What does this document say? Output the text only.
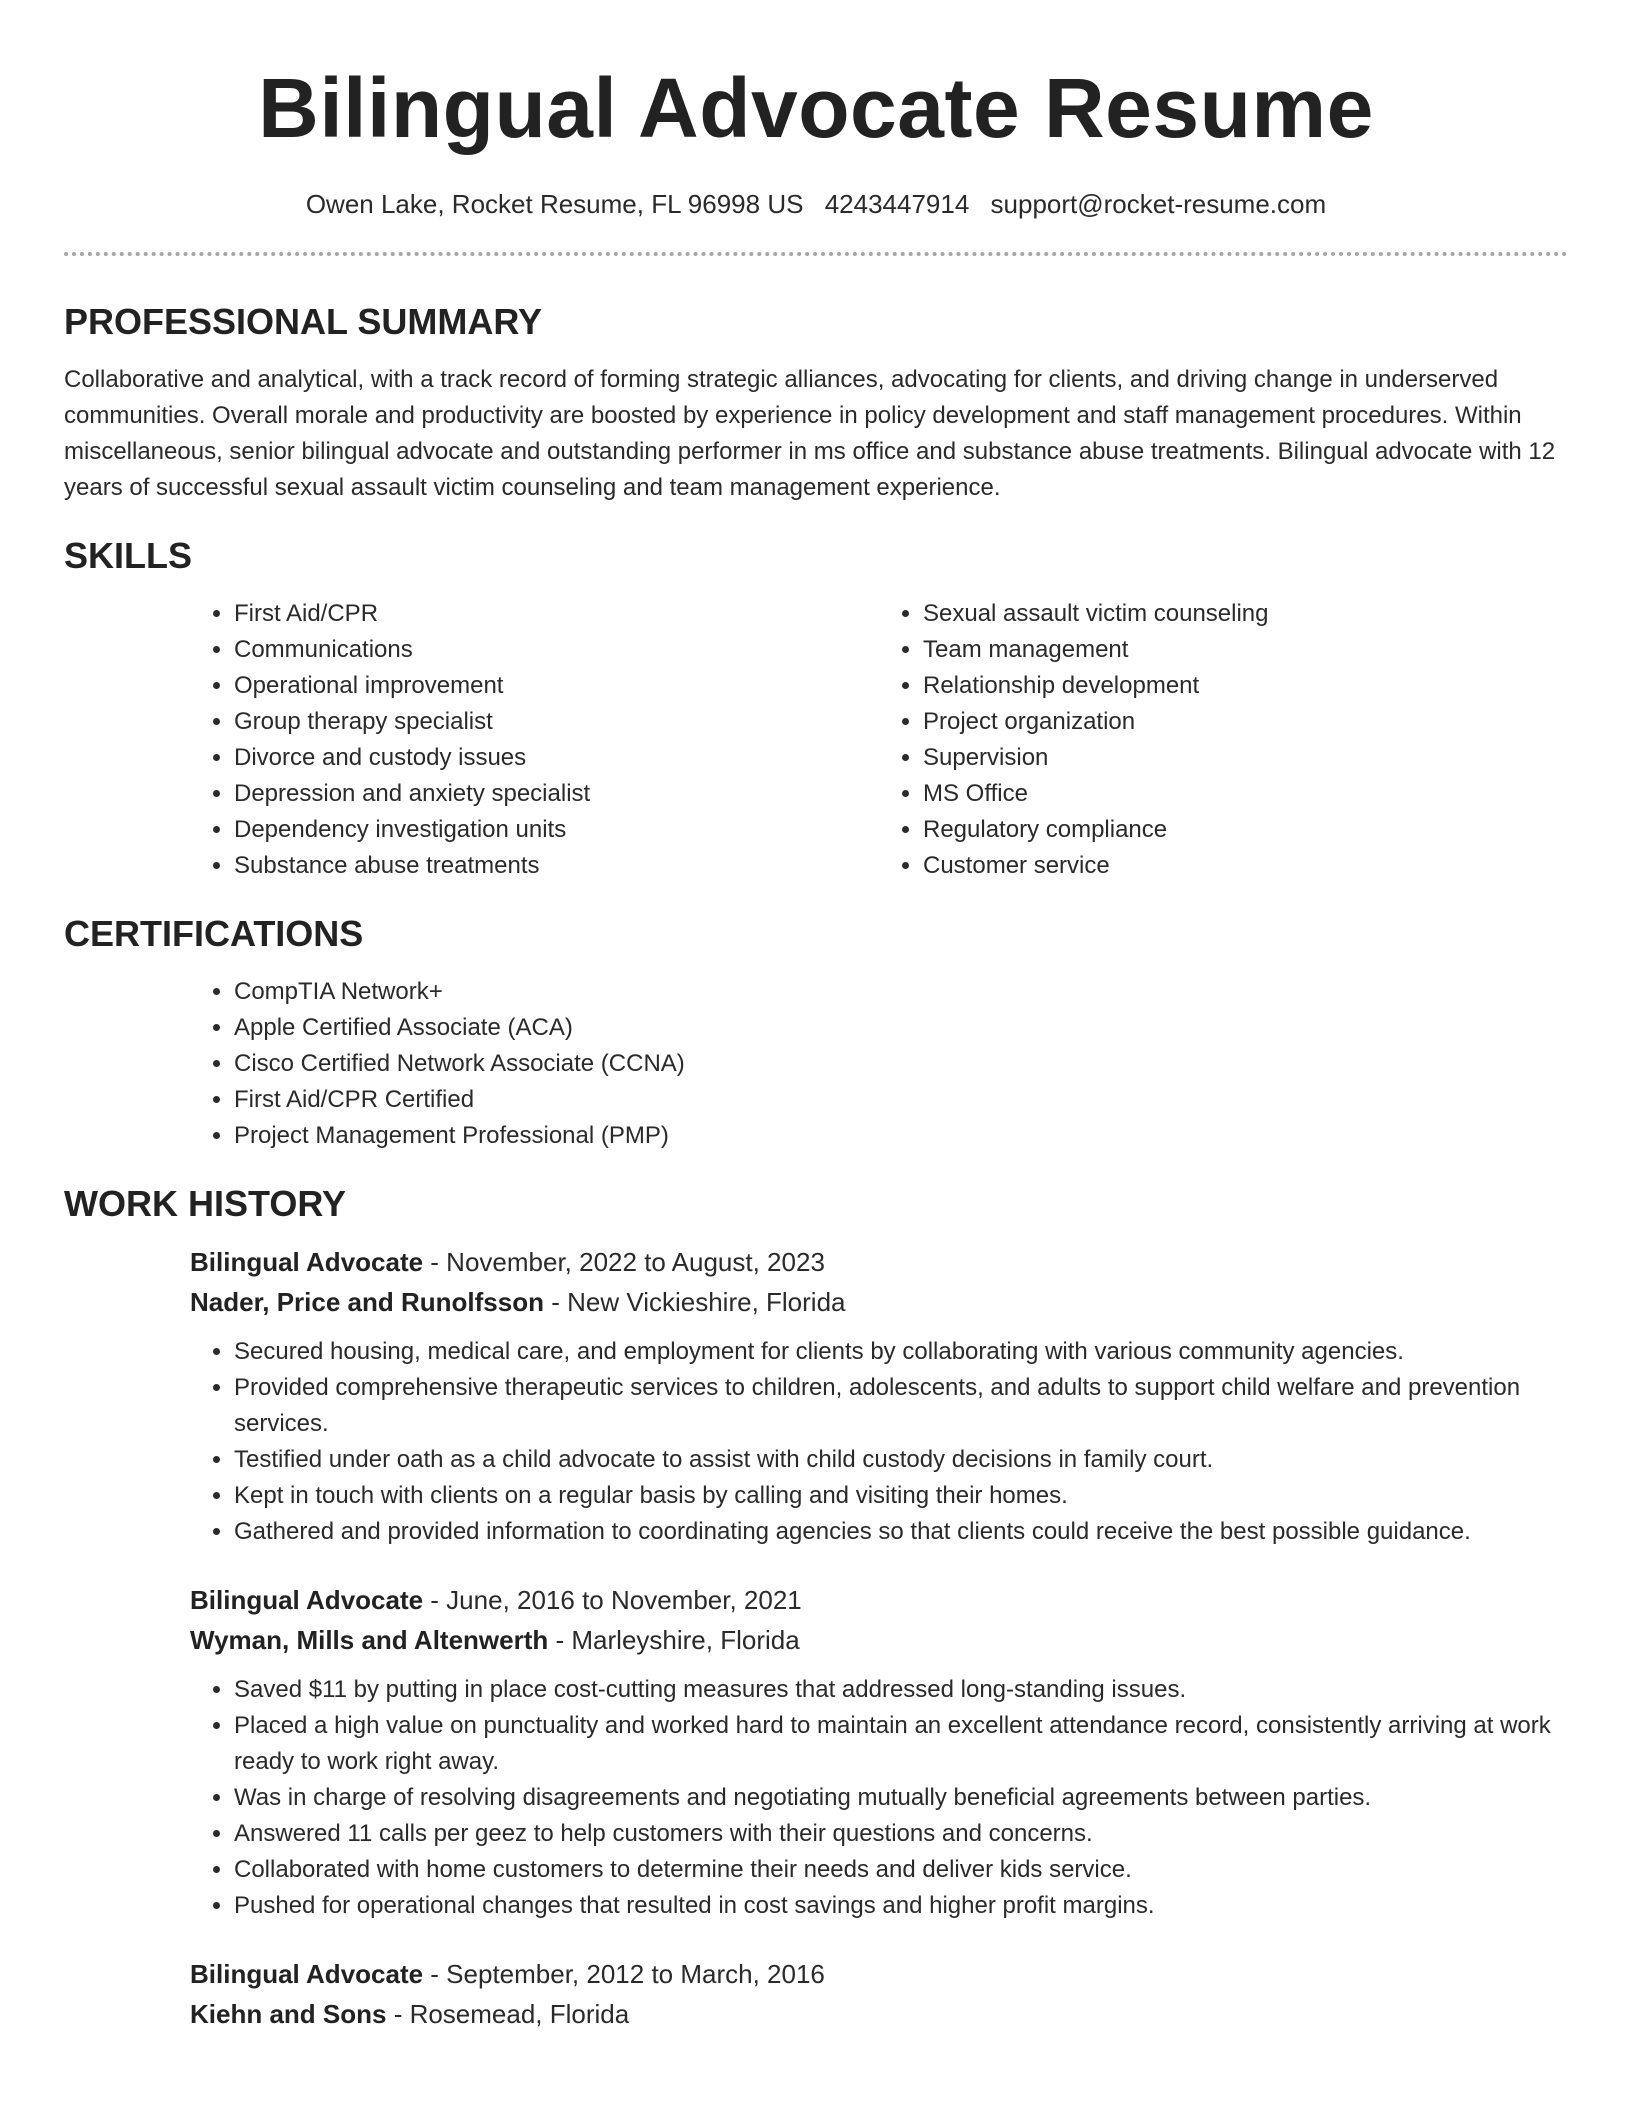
Bilingual Advocate Resume
Owen Lake, Rocket Resume, FL 96998 US 4243447914 support@rocket-resume.com
PROFESSIONAL SUMMARY

Collaborative and analytical, with a track record of forming strategic alliances, advocating for clients, and driving change in underserved communities. Overall morale and productivity are boosted by experience in policy development and staff management procedures. Within miscellaneous, senior bilingual advocate and outstanding performer in ms office and substance abuse treatments. Bilingual advocate with 12 years of successful sexual assault victim counseling and team management experience.

SKILLS
• First Aid/CPR
• Communications
• Operational improvement
• Group therapy specialist
• Divorce and custody issues
• Depression and anxiety specialist
• Dependency investigation units
• Substance abuse treatments
• Sexual assault victim counseling
• Team management
• Relationship development
• Project organization
• Supervision
• MS Office
• Regulatory compliance
• Customer service
CERTIFICATIONS
• CompTIA Network+
• Apple Certified Associate (ACA)
• Cisco Certified Network Associate (CCNA)
• First Aid/CPR Certified
• Project Management Professional (PMP)
WORK HISTORY
Bilingual Advocate - November, 2022 to August, 2023
Nader, Price and Runolfsson - New Vickieshire, Florida
• Secured housing, medical care, and employment for clients by collaborating with various community agencies.
• Provided comprehensive therapeutic services to children, adolescents, and adults to support child welfare and prevention services.
• Testified under oath as a child advocate to assist with child custody decisions in family court.
• Kept in touch with clients on a regular basis by calling and visiting their homes.
• Gathered and provided information to coordinating agencies so that clients could receive the best possible guidance.
Bilingual Advocate - June, 2016 to November, 2021
Wyman, Mills and Altenwerth - Marleyshire, Florida
• Saved $11 by putting in place cost-cutting measures that addressed long-standing issues.
• Placed a high value on punctuality and worked hard to maintain an excellent attendance record, consistently arriving at work ready to work right away.
• Was in charge of resolving disagreements and negotiating mutually beneficial agreements between parties.
• Answered 11 calls per geez to help customers with their questions and concerns.
• Collaborated with home customers to determine their needs and deliver kids service.
• Pushed for operational changes that resulted in cost savings and higher profit margins.
Bilingual Advocate - September, 2012 to March, 2016
Kiehn and Sons - Rosemead, Florida
